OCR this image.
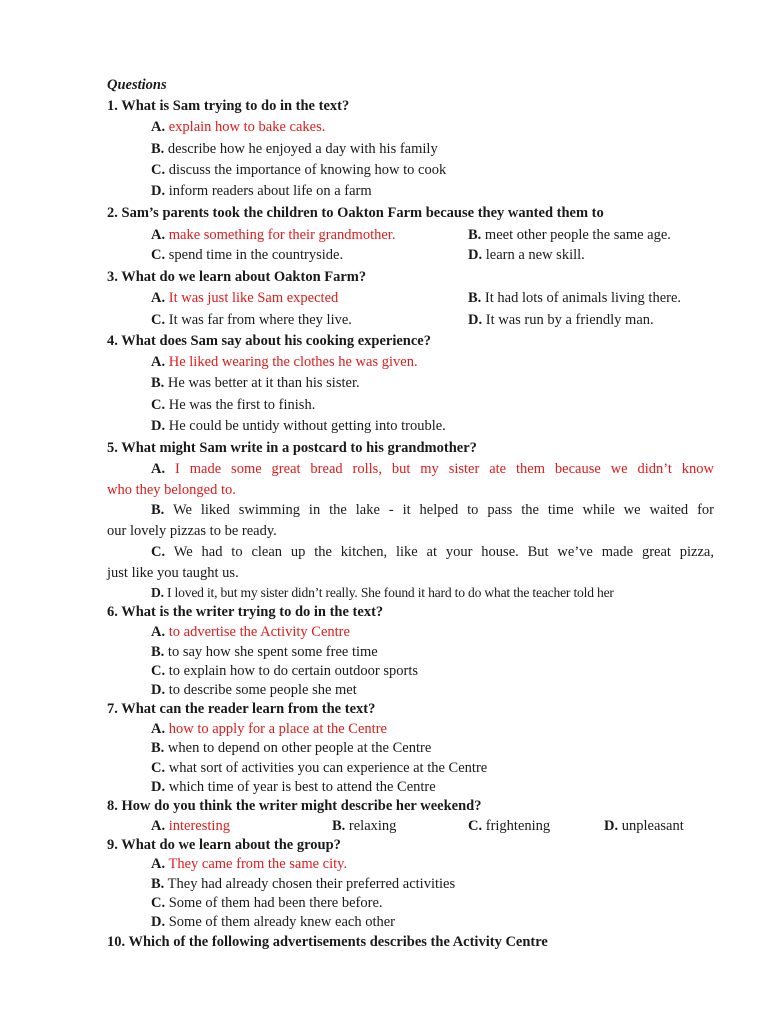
Questions
1. What is Sam trying to do in the text?
A. explain how to bake cakes.
B. describe how he enjoyed a day with his family
C. discuss the importance of knowing how to cook
D. inform readers about life on a farm
2. Sam’s parents took the children to Oakton Farm because they wanted them to
A. make something for their grandmother.	B. meet other people the same age.
C. spend time in the countryside.	D. learn a new skill.
3. What do we learn about Oakton Farm?
A. It was just like Sam expected	B. It had lots of animals living there.
C. It was far from where they live.	D. It was run by a friendly man.
4. What does Sam say about his cooking experience?
A. He liked wearing the clothes he was given.
B. He was better at it than his sister.
C. He was the first to finish.
D. He could be untidy without getting into trouble.
5. What might Sam write in a postcard to his grandmother?
A. I made some great bread rolls, but my sister ate them because we didn’t know
who they belonged to.
B. We liked swimming in the lake - it helped to pass the time while we waited for
our lovely pizzas to be ready.
C. We had to clean up the kitchen, like at your house. But we’ve made great pizza,
just like you taught us.
D. I loved it, but my sister didn’t really. She found it hard to do what the teacher told her
6. What is the writer trying to do in the text?
A. to advertise the Activity Centre
B. to say how she spent some free time
C. to explain how to do certain outdoor sports
D. to describe some people she met
7. What can the reader learn from the text?
A. how to apply for a place at the Centre
B. when to depend on other people at the Centre
C. what sort of activities you can experience at the Centre
D. which time of year is best to attend the Centre
8. How do you think the writer might describe her weekend?
A. interesting	B. relaxing	C. frightening	D. unpleasant
9. What do we learn about the group?
A. They came from the same city.
B. They had already chosen their preferred activities
C. Some of them had been there before.
D. Some of them already knew each other
10. Which of the following advertisements describes the Activity Centre
